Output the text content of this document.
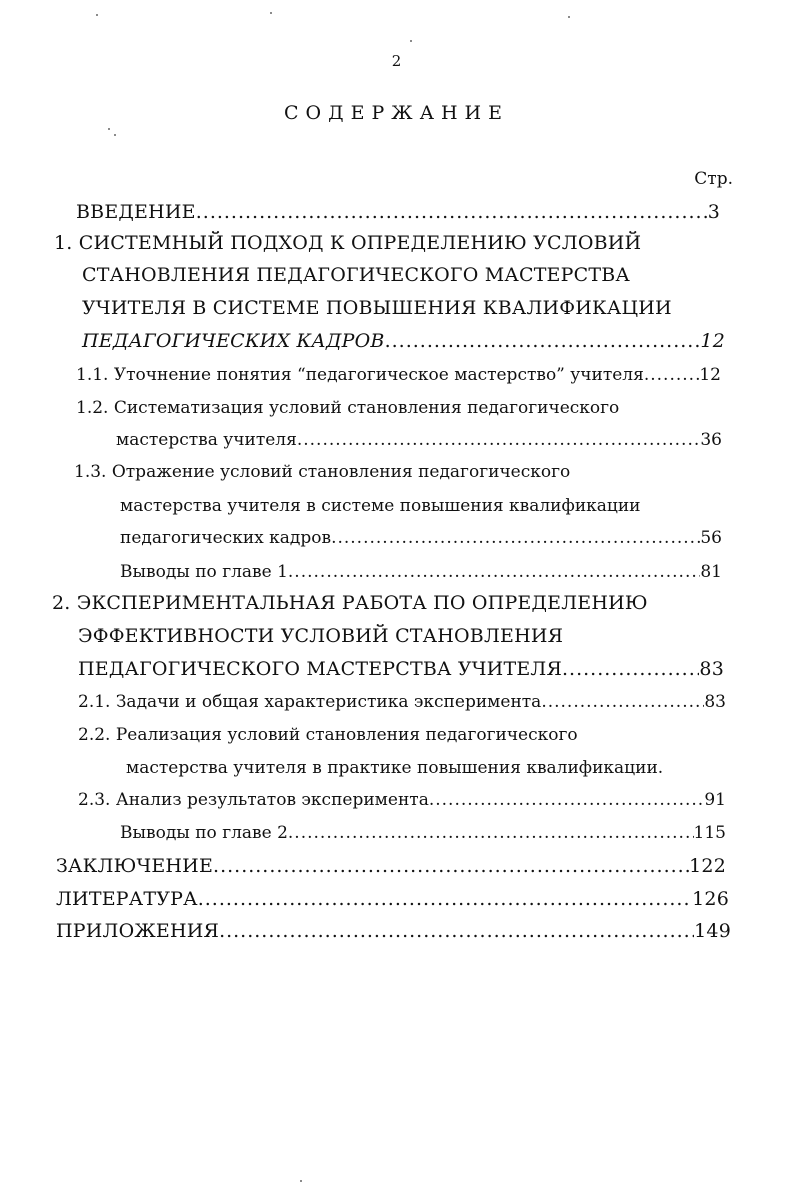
2
СОДЕРЖАНИЕ
Стр.
ВВЕДЕНИЕ .....	3
1. СИСТЕМНЫЙ ПОДХОД К ОПРЕДЕЛЕНИЮ УСЛОВИЙ
СТАНОВЛЕНИЯ ПЕДАГОГИЧЕСКОГО МАСТЕРСТВА
УЧИТЕЛЯ В СИСТЕМЕ ПОВЫШЕНИЯ КВАЛИФИКАЦИИ
ПЕДАГОГИЧЕСКИХ КАДРОВ .....	12
1.1. Уточнение понятия “педагогическое мастерство” учителя .....	12
1.2. Систематизация условий становления педагогического
мастерства учителя .....	36
1.3. Отражение условий становления педагогического
мастерства учителя в системе повышения квалификации
педагогических кадров .....	56
Выводы по главе 1 .....	81
2. ЭКСПЕРИМЕНТАЛЬНАЯ РАБОТА ПО ОПРЕДЕЛЕНИЮ
ЭФФЕКТИВНОСТИ УСЛОВИЙ СТАНОВЛЕНИЯ
ПЕДАГОГИЧЕСКОГО МАСТЕРСТВА УЧИТЕЛЯ .....	83
2.1. Задачи и общая характеристика эксперимента .....	83
2.2. Реализация условий становления педагогического
мастерства учителя в практике повышения квалификации.
2.3. Анализ результатов эксперимента .....	91
Выводы по главе 2 .....	115
ЗАКЛЮЧЕНИЕ .....	122
ЛИТЕРАТУРА .....	126
ПРИЛОЖЕНИЯ .....	149
